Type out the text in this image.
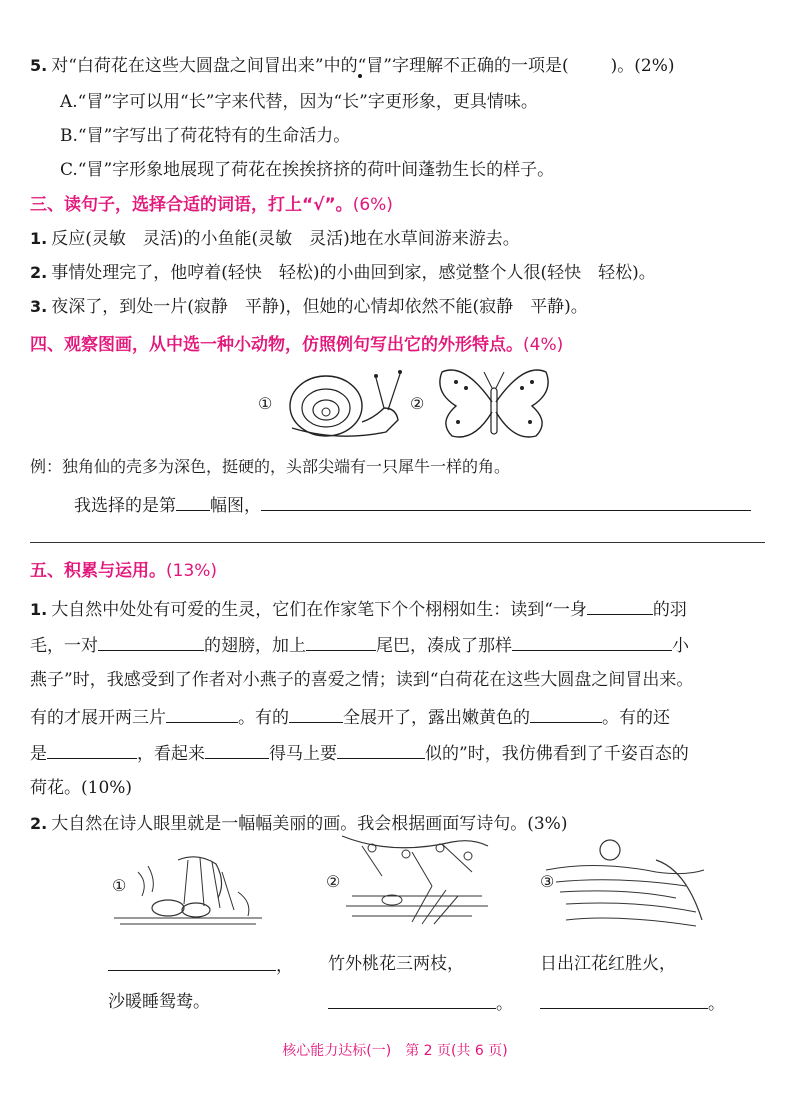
5. 对“白荷花在这些大圆盘之间冒出来”中的“冒”字理解不正确的一项是( )。(2%)
A.“冒”字可以用“长”字来代替，因为“长”字更形象，更具情味。
B.“冒”字写出了荷花特有的生命活力。
C.“冒”字形象地展现了荷花在挨挨挤挤的荷叶间蓬勃生长的样子。
三、读句子，选择合适的词语，打上“√”。(6%)
1. 反应(灵敏　灵活)的小鱼能(灵敏　灵活)地在水草间游来游去。
2. 事情处理完了，他哼着(轻快　轻松)的小曲回到家，感觉整个人很(轻快　轻松)。
3. 夜深了，到处一片(寂静　平静)，但她的心情却依然不能(寂静　平静)。
四、观察图画，从中选一种小动物，仿照例句写出它的外形特点。(4%)
①	②
例：独角仙的壳多为深色，挺硬的，头部尖端有一只犀牛一样的角。
我选择的是第 幅图，
五、积累与运用。(13%)
1. 大自然中处处有可爱的生灵，它们在作家笔下个个栩栩如生：读到“一身	的羽
毛，一对	的翅膀，加上	尾巴，凑成了那样	小
燕子”时，我感受到了作者对小燕子的喜爱之情；读到“白荷花在这些大圆盘之间冒出来。
有的才展开两三片	。有的	全展开了，露出嫩黄色的	。有的还
是	，看起来	得马上要	似的”时，我仿佛看到了千姿百态的
荷花。(10%)
2. 大自然在诗人眼里就是一幅幅美丽的画。我会根据画面写诗句。(3%)
①	②	③
，
沙暖睡鸳鸯。
竹外桃花三两枝，
。
日出江花红胜火，
。
核心能力达标(一)　第 2 页(共 6 页)
